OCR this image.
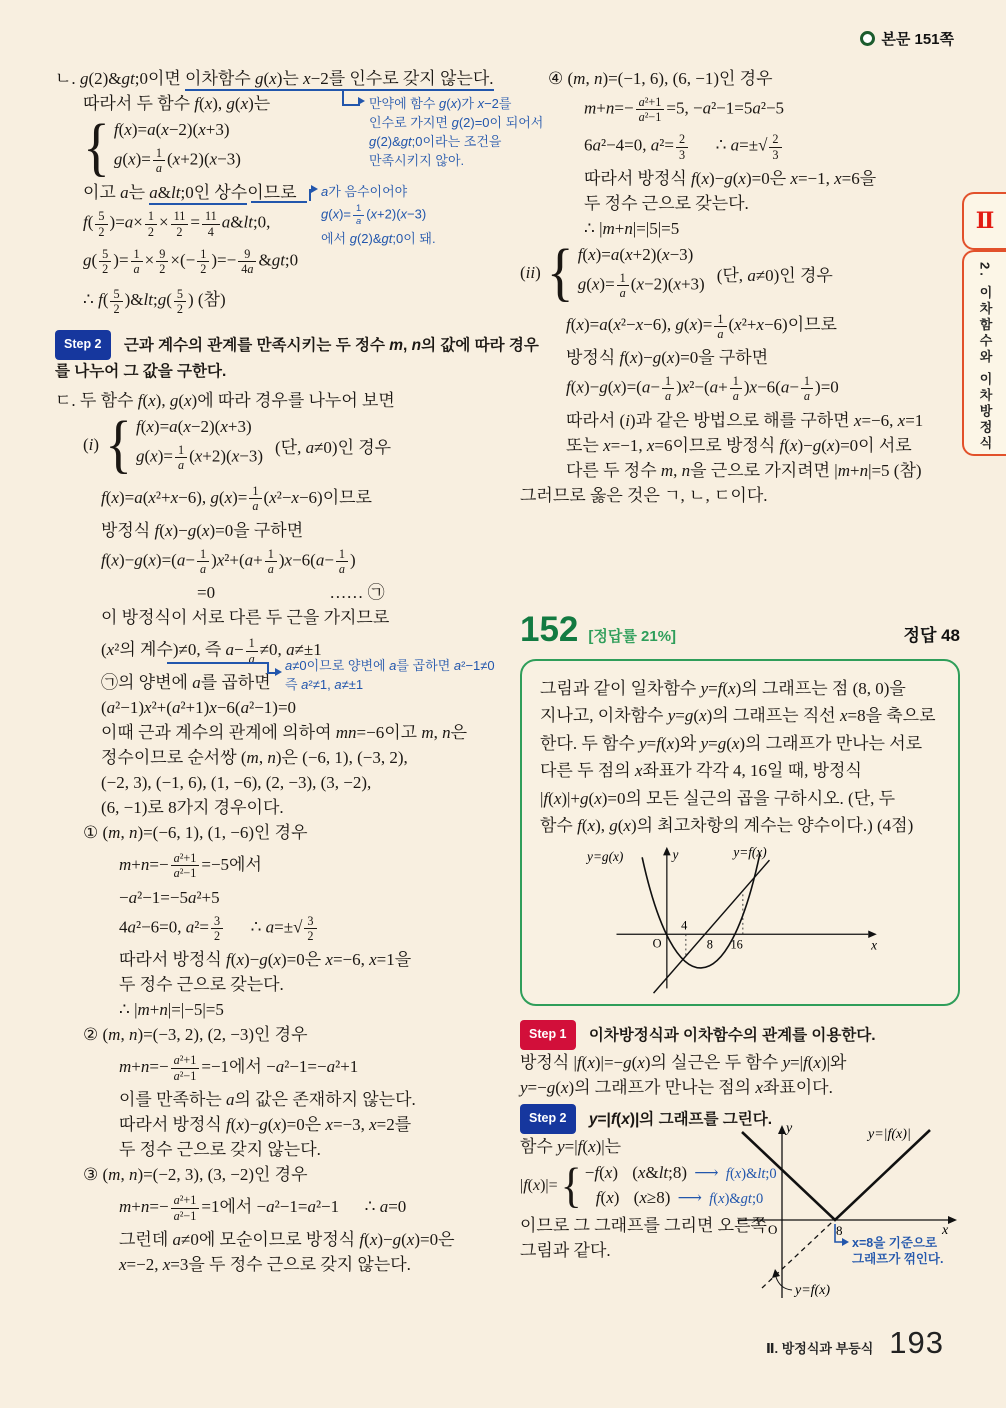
본문 151쪽
Ⅱ
2. 이차함수와 이차방정식
ㄴ. g(2)&gt;0이면 이차함수 g(x)는 x−2를 인수로 갖지 않는다.
만약에 함수 g(x)가 x−2를
인수로 가지면 g(2)=0이 되어서
g(2)&gt;0이라는 조건을
만족시키지 않아.
따라서 두 함수 f(x), g(x)는
{ f(x)=a(x−2)(x+3)
$g(x)= \frac{1}{a} (x+2)(x-3)$
이고 a는 a&lt;0인 상수이므로 a가 음수이어야
$g(x)= \frac{1}{a} (x+2)(x-3)$
에서 g(2)&gt;0이 돼.
$f( \frac{5}{2} )=a\times \frac{1}{2} \times \frac{11}{2} = \frac{11}{4}$ a&lt;0,
$g( \frac{5}{2}$ )= $\frac{1}{a} \times \frac{9}{2}$ ×(− $\frac{1}{2}$ )=− $\frac{9}{4a}$ &gt;0
∴ $f( \frac{5}{2}$ )&lt;g( $\frac{5}{2}$ ) (참)
Step 2 근과 계수의 관계를 만족시키는 두 정수 m, n의 값에 따라 경우
를 나누어 그 값을 구한다.
ㄷ. 두 함수 f(x), g(x)에 따라 경우를 나누어 보면
(i) { f(x)=a(x−2)(x+3)
$g(x)= \frac{1}{a} (x+2)(x-3)$ (단, a≠0)인 경우
f(x)=a(x²+x−6), $g(x)= \frac{1}{a} (x^2-x-6)$이므로
방정식 f(x)−g(x)=0을 구하면
$f(x)-g(x)=(a- \frac{1}{a} )x^2+(a+ \frac{1}{a} )x-6(a- \frac{1}{a}$ )
=0	…… ㉠
이 방정식이 서로 다른 두 근을 가지므로
(x²의 계수)≠0, 즉 $a- \frac{1}{a} \ne 0$, a≠±1
㉠의 양변에 a를 곱하면
a≠0이므로 양변에 a를 곱하면 a²−1≠0
즉 a²≠1, a≠±1
(a²−1)x²+(a²+1)x−6(a²−1)=0
이때 근과 계수의 관계에 의하여 mn=−6이고 m, n은
정수이므로 순서쌍 (m, n)은 (−6, 1), (−3, 2),
(−2, 3), (−1, 6), (1, −6), (2, −3), (3, −2),
(6, −1)로 8가지 경우이다.
① (m, n)=(−6, 1), (1, −6)인 경우
$m+n=- \frac{\text{a²+1}}{\text{a²−1}} =-5$에서
−a²−1=−5a²+5
4a²−6=0, $a^2= \frac{3}{2}$   ∴ $a=\pm√ \frac{3}{2}$
따라서 방정식 f(x)−g(x)=0은 x=−6, x=1을
두 정수 근으로 갖는다.
∴ |m+n|=|−5|=5
② (m, n)=(−3, 2), (2, −3)인 경우
$m+n=- \frac{\text{a²+1}}{\text{a²−1}} =-1$에서 −a²−1=−a²+1
이를 만족하는 a의 값은 존재하지 않는다.
따라서 방정식 f(x)−g(x)=0은 x=−3, x=2를
두 정수 근으로 갖지 않는다.
③ (m, n)=(−2, 3), (3, −2)인 경우
$m+n=- \frac{\text{a²+1}}{\text{a²−1}} =1$에서 −a²−1=a²−1  ∴ a=0
그런데 a≠0에 모순이므로 방정식 f(x)−g(x)=0은
x=−2, x=3을 두 정수 근으로 갖지 않는다.
④ (m, n)=(−1, 6), (6, −1)인 경우
$m+n=- \frac{\text{a²+1}}{\text{a²−1}} =5$, −a²−1=5a²−5
6a²−4=0, $a^2= \frac{2}{3}$   ∴ $a=\pm√ \frac{2}{3}$
따라서 방정식 f(x)−g(x)=0은 x=−1, x=6을
두 정수 근으로 갖는다.
∴ |m+n|=|5|=5
(ii) { f(x)=a(x+2)(x−3)
$g(x)= \frac{1}{a} (x-2)(x+3)$ (단, a≠0)인 경우
f(x)=a(x²−x−6), $g(x)= \frac{1}{a} (x^2+x-6)$이므로
방정식 f(x)−g(x)=0을 구하면
$f(x)-g(x)=(a- \frac{1}{a} )x^2-(a+ \frac{1}{a} )x-6(a- \frac{1}{a} )=0$
따라서 (i)과 같은 방법으로 해를 구하면 x=−6, x=1
또는 x=−1, x=6이므로 방정식 f(x)−g(x)=0이 서로
다른 두 정수 m, n을 근으로 가지려면 |m+n|=5 (참)
그러므로 옳은 것은 ㄱ, ㄴ, ㄷ이다.
152 [정답률 21%]	정답 48
그림과 같이 일차함수 y=f(x)의 그래프는 점 (8, 0)을
지나고, 이차함수 y=g(x)의 그래프는 직선 x=8을 축으로
한다. 두 함수 y=f(x)와 y=g(x)의 그래프가 만나는 서로
다른 두 점의 x좌표가 각각 4, 16일 때, 방정식
|f(x)|+g(x)=0의 모든 실근의 곱을 구하시오. (단, 두
함수 f(x), g(x)의 최고차항의 계수는 양수이다.) (4점)
y=g(x)	y	y=f(x)
O
4
8 16	x
Step 1 이차방정식과 이차함수의 관계를 이용한다.
방정식 |f(x)|=−g(x)의 실근은 두 함수 y=|f(x)|와
y=−g(x)의 그래프가 만나는 점의 x좌표이다.
Step 2 y=|f(x)|의 그래프를 그린다.
함수 y=|f(x)|는
|f(x)|= { −f(x) (x&lt;8) ⟶ f(x)&lt;0
f(x) (x≥8) ⟶ f(x)&gt;0
이므로 그 그래프를 그리면 오른쪽
그림과 같다.
y	y=|f(x)|
O	8	x
x=8을 기준으로
그래프가 꺾인다.
y=f(x)
Ⅱ. 방정식과 부등식 193
